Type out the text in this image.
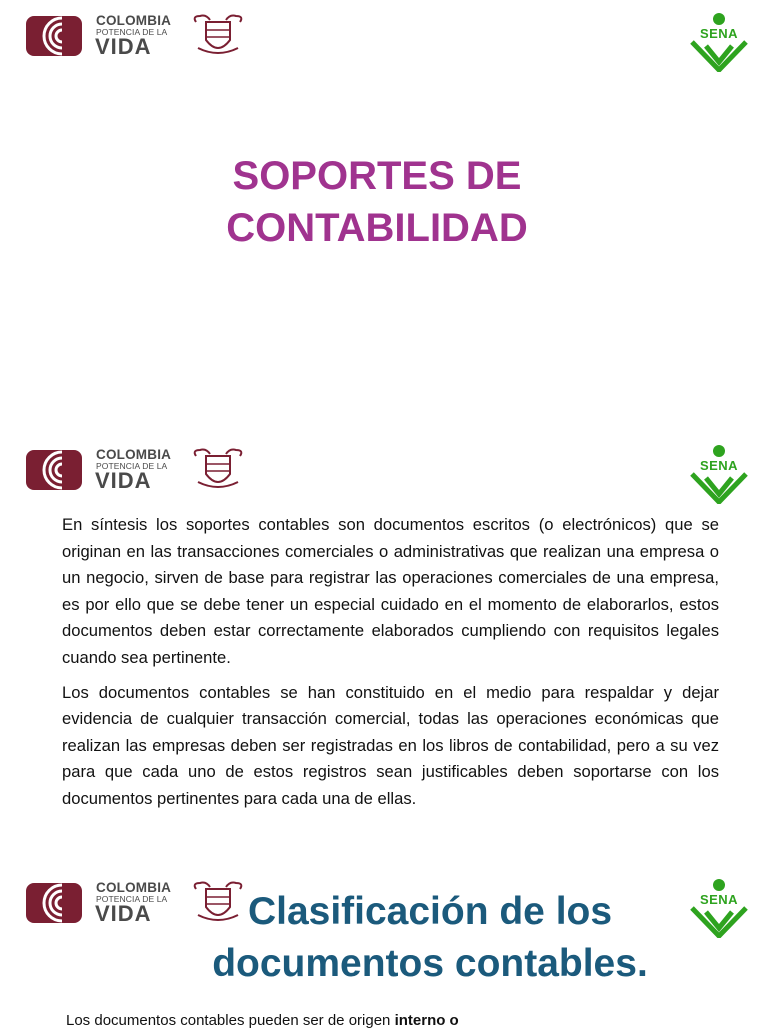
COLOMBIA
POTENCIA DE LA
VIDA
SENA
SOPORTES DE
CONTABILIDAD
COLOMBIA
POTENCIA DE LA
VIDA
SENA

En síntesis los soportes contables son documentos escritos (o electrónicos) que se originan en las transacciones comerciales o administrativas que realizan una empresa o un negocio, sirven de base para registrar las operaciones comerciales de una empresa, es por ello que se debe tener un especial cuidado en el momento de elaborarlos, estos documentos deben estar correctamente elaborados cumpliendo con requisitos legales cuando sea pertinente.

Los documentos contables se han constituido en el medio para respaldar y dejar evidencia de cualquier transacción comercial, todas las operaciones económicas que realizan las empresas deben ser registradas en los libros de contabilidad, pero a su vez para que cada uno de estos registros sean justificables deben soportarse con los documentos pertinentes para cada una de ellas.

COLOMBIA
POTENCIA DE LA
VIDA
SENA
Clasificación de los
documentos contables.

Los documentos contables pueden ser de origen interno o
